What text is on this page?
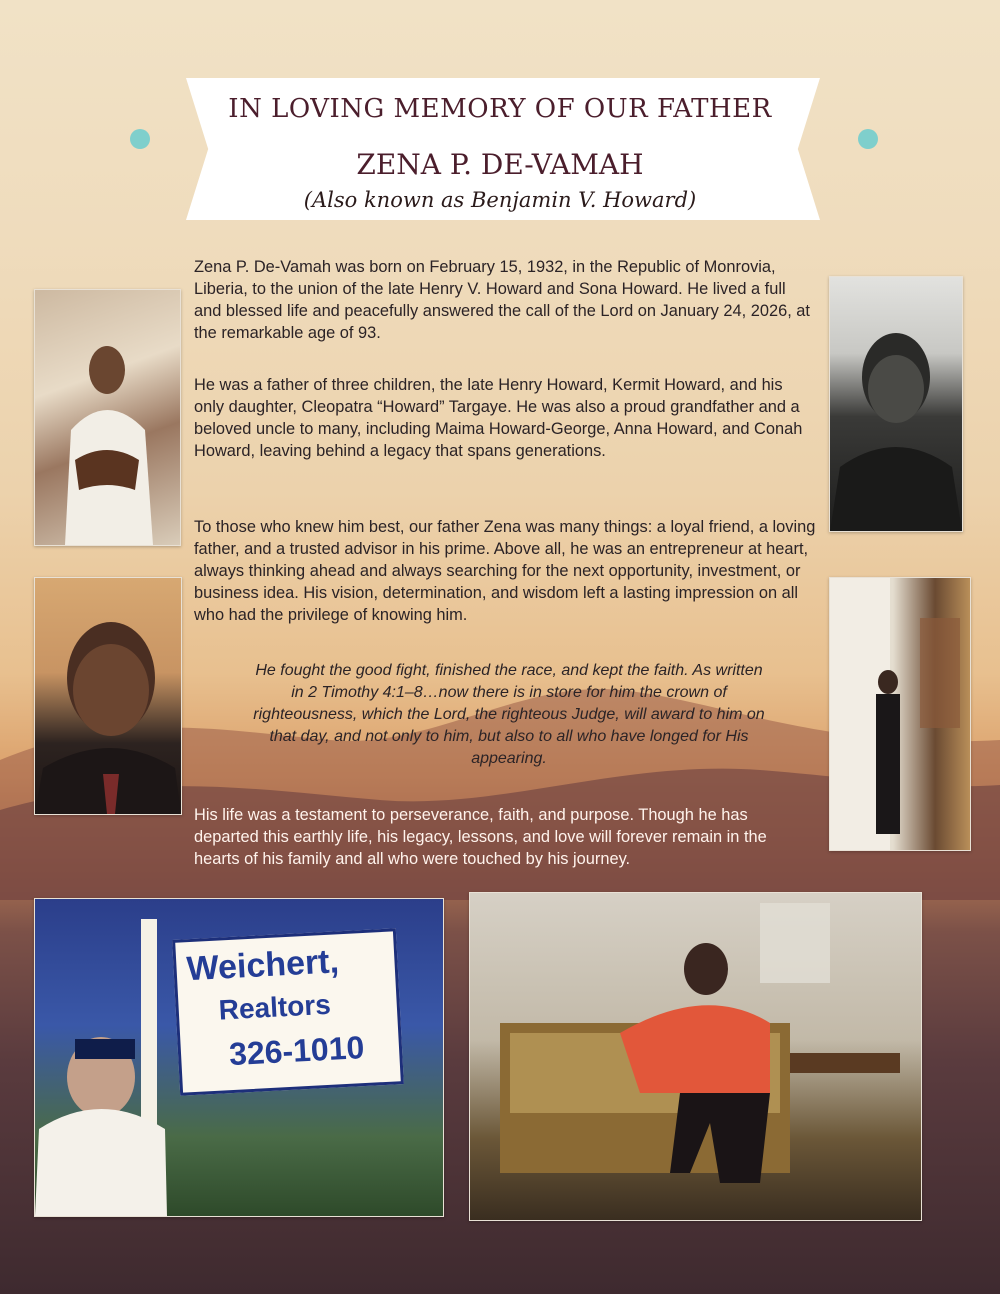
IN LOVING MEMORY OF OUR FATHER
ZENA P. DE-VAMAH
(Also known as Benjamin V. Howard)
Zena P. De-Vamah was born on February 15, 1932, in the Republic of Monrovia, Liberia, to the union of the late Henry V. Howard and Sona Howard. He lived a full and blessed life and peacefully answered the call of the Lord on January 24, 2026, at the remarkable age of 93.
He was a father of three children, the late Henry Howard, Kermit Howard, and his only daughter, Cleopatra “Howard” Targaye. He was also a proud grandfather and a beloved uncle to many, including Maima Howard-George, Anna Howard, and Conah Howard, leaving behind a legacy that spans generations.
To those who knew him best, our father Zena was many things: a loyal friend, a loving father, and a trusted advisor in his prime. Above all, he was an entrepreneur at heart, always thinking ahead and always searching for the next opportunity, investment, or business idea. His vision, determination, and wisdom left a lasting impression on all who had the privilege of knowing him.
He fought the good fight, finished the race, and kept the faith. As written in 2 Timothy 4:1–8…now there is in store for him the crown of righteousness, which the Lord, the righteous Judge, will award to him on that day, and not only to him, but also to all who have longed for His appearing.
His life was a testament to perseverance, faith, and purpose. Though he has departed this earthly life, his legacy, lessons, and love will forever remain in the hearts of his family and all who were touched by his journey.
Weichert,
Realtors
326-1010
